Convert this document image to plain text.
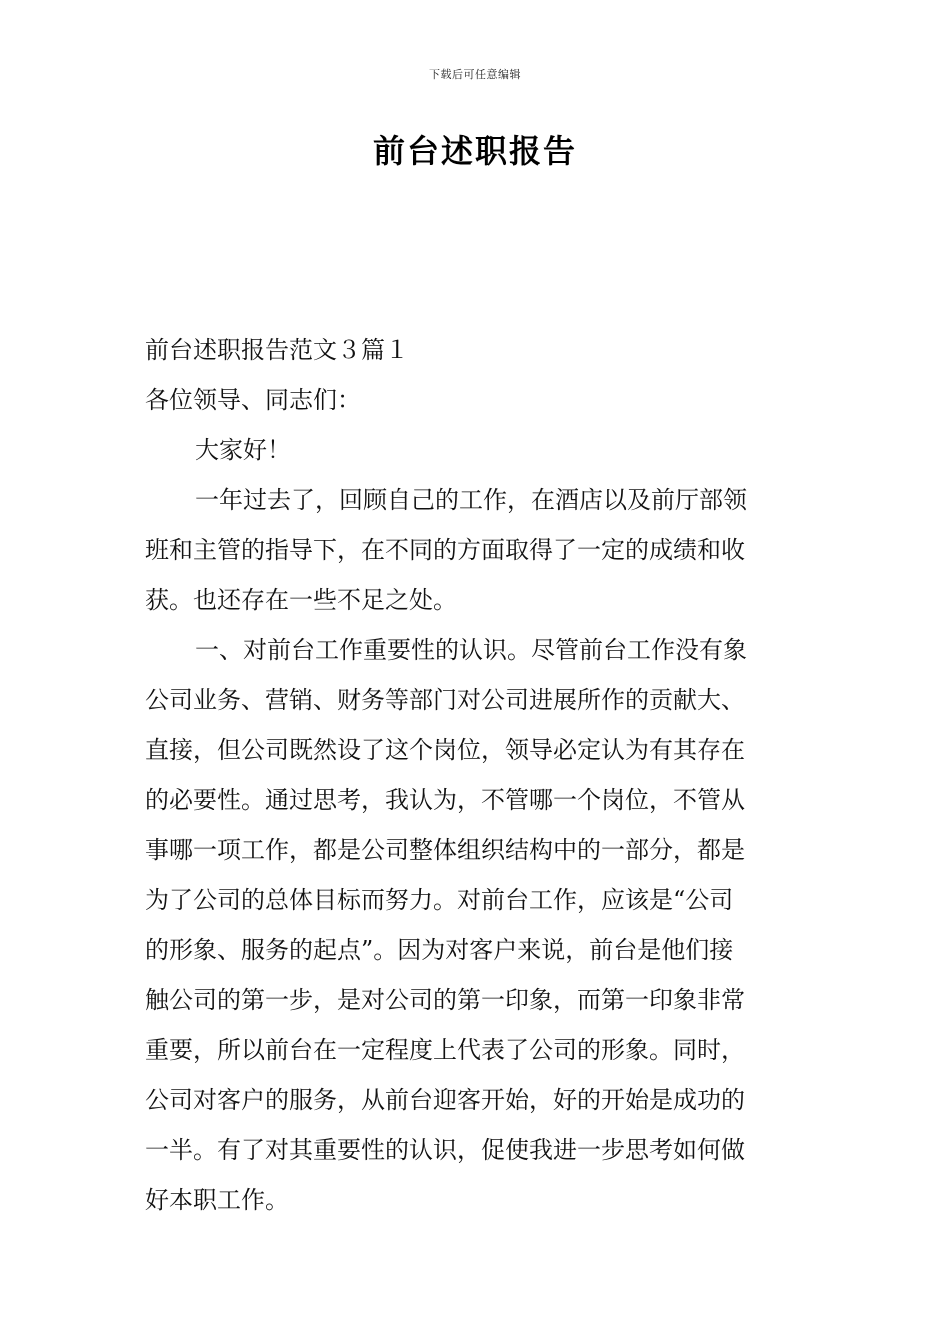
下载后可任意编辑
前台述职报告
前台述职报告范文３篇１
各位领导、同志们：
大家好！
一年过去了，回顾自己的工作，在酒店以及前厅部领
班和主管的指导下，在不同的方面取得了一定的成绩和收
获。也还存在一些不足之处。
一、对前台工作重要性的认识。尽管前台工作没有象
公司业务、营销、财务等部门对公司进展所作的贡献大、
直接，但公司既然设了这个岗位，领导必定认为有其存在
的必要性。通过思考，我认为，不管哪一个岗位，不管从
事哪一项工作，都是公司整体组织结构中的一部分，都是
为了公司的总体目标而努力。对前台工作，应该是“公司
的形象、服务的起点”。因为对客户来说，前台是他们接
触公司的第一步，是对公司的第一印象，而第一印象非常
重要，所以前台在一定程度上代表了公司的形象。同时，
公司对客户的服务，从前台迎客开始，好的开始是成功的
一半。有了对其重要性的认识，促使我进一步思考如何做
好本职工作。
